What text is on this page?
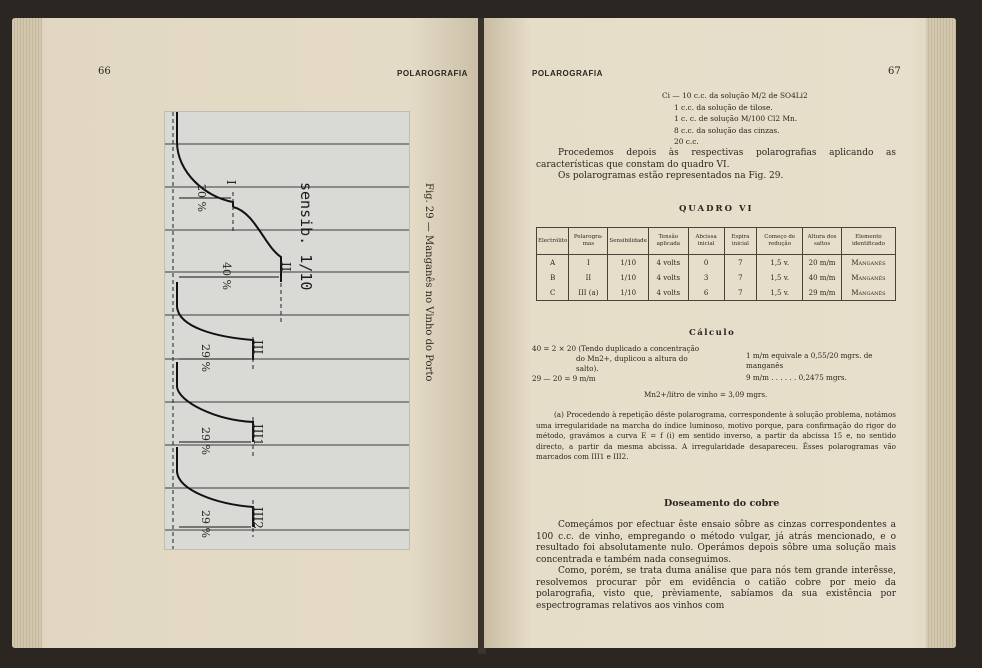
66	POLAROGRAFIA
sensib. 1/10
I
II
III
III1
III2
20 %
40 %
29 %
29 %
29 %
Fig. 29 — Manganês no Vinho do Porto
POLAROGRAFIA	67
Ci — 10 c.c. da solução M/2 de SO4Li2
1 c.c. da solução de tilose.
1 c. c. de solução M/100 Cl2 Mn.
8 c.c. da solução das cinzas.
20 c.c.
Procedemos depois às respectivas polarografias aplicando as características que constam do quadro VI.
Os polarogramas estão representados na Fig. 29.
QUADRO VI
Electrólito	Polarogra-mas	Sensibilidade	Tensão aplicada	Abcissa inicial	Espira inicial	Começo de redução	Altura dos saltos	Elemento identificado
A	I	1/10	4 volts	0	7	1,5 v.	20 m/m	Manganês
B	II	1/10	4 volts	3	7	1,5 v.	40 m/m	Manganês
C	III (a)	1/10	4 volts	6	7	1,5 v.	29 m/m	Manganês
Cálculo
40 = 2 × 20 (Tendo duplicado a concentração
do Mn2+, duplicou a altura do
salto).
29 — 20 = 9 m/m
1 m/m equivale a 0,55/20 mgrs. de manganês
9 m/m . . . . . . 0,2475 mgrs.
Mn2+/litro de vinho = 3,09 mgrs.
(a) Procedendo à repetição dêste polarograma, correspondente à solução problema, notámos uma irregularidade na marcha do índice luminoso, motivo porque, para confirmação do rigor do método, gravámos a curva E = f (i) em sentido inverso, a partir da abcissa 15 e, no sentido directo, a partir da mesma abcissa. A irregularidade desapareceu. Êsses polarogramas vão marcados com III1 e III2.
Doseamento do cobre
Começámos por efectuar êste ensaio sôbre as cinzas correspondentes a 100 c.c. de vinho, empregando o método vulgar, já atrás mencionado, e o resultado foi absolutamente nulo. Operámos depois sôbre uma solução mais concentrada e também nada conseguimos.
Como, porém, se trata duma análise que para nós tem grande interêsse, resolvemos procurar pôr em evidência o catião cobre por meio da polarografia, visto que, prèviamente, sabíamos da sua existência por espectrogramas relativos aos vinhos com
